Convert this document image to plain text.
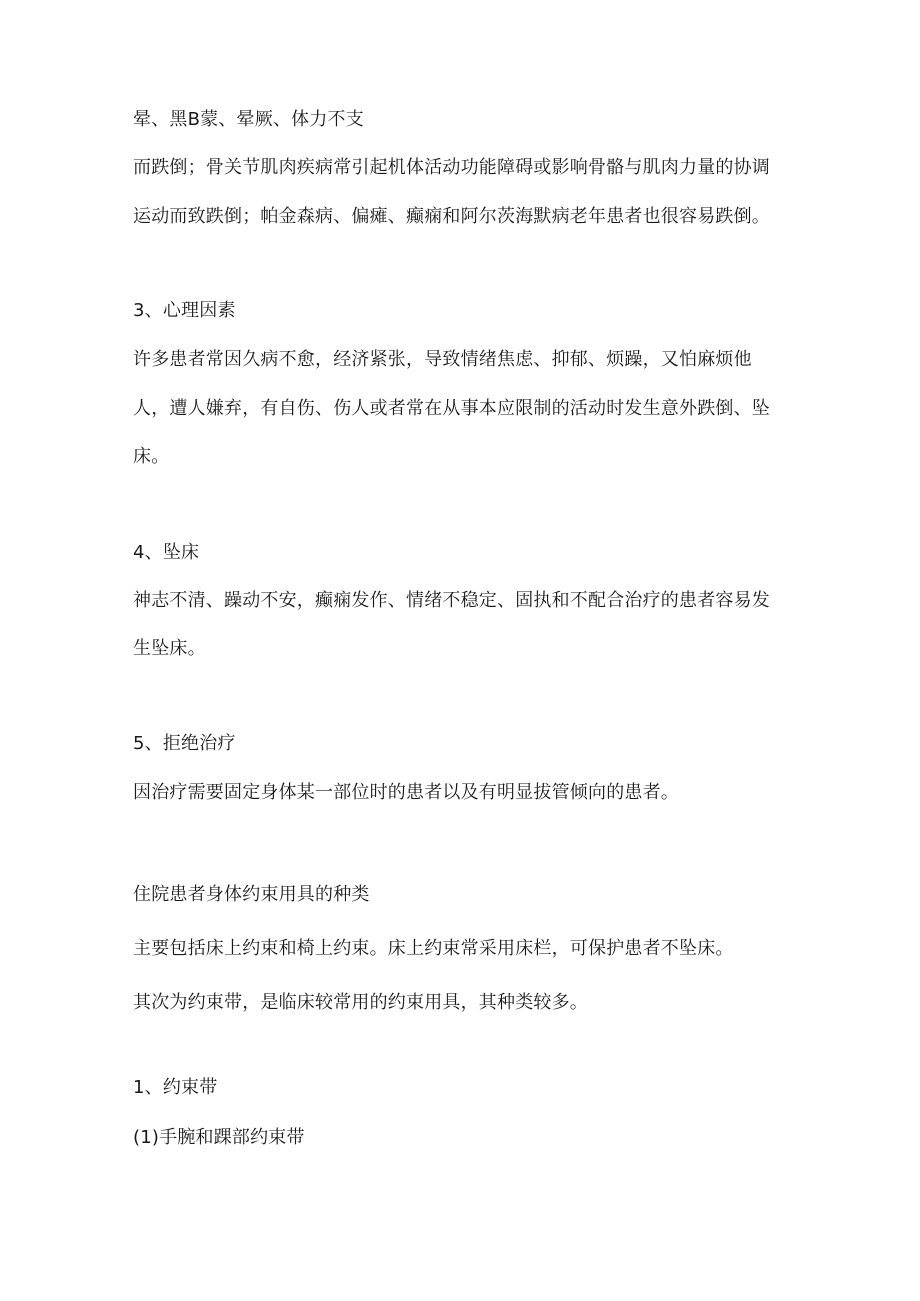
晕、黑B蒙、晕厥、体力不支
而跌倒；骨关节肌肉疾病常引起机体活动功能障碍或影响骨骼与肌肉力量的协调
运动而致跌倒；帕金森病、偏瘫、癫痫和阿尔茨海默病老年患者也很容易跌倒。
3、心理因素
许多患者常因久病不愈，经济紧张，导致情绪焦虑、抑郁、烦躁，又怕麻烦他
人，遭人嫌弃，有自伤、伤人或者常在从事本应限制的活动时发生意外跌倒、坠
床。
4、坠床
神志不清、躁动不安，癫痫发作、情绪不稳定、固执和不配合治疗的患者容易发
生坠床。
5、拒绝治疗
因治疗需要固定身体某一部位时的患者以及有明显拔管倾向的患者。
住院患者身体约束用具的种类
主要包括床上约束和椅上约束。床上约束常采用床栏，可保护患者不坠床。
其次为约束带，是临床较常用的约束用具，其种类较多。
1、约束带
(1)手腕和踝部约束带
